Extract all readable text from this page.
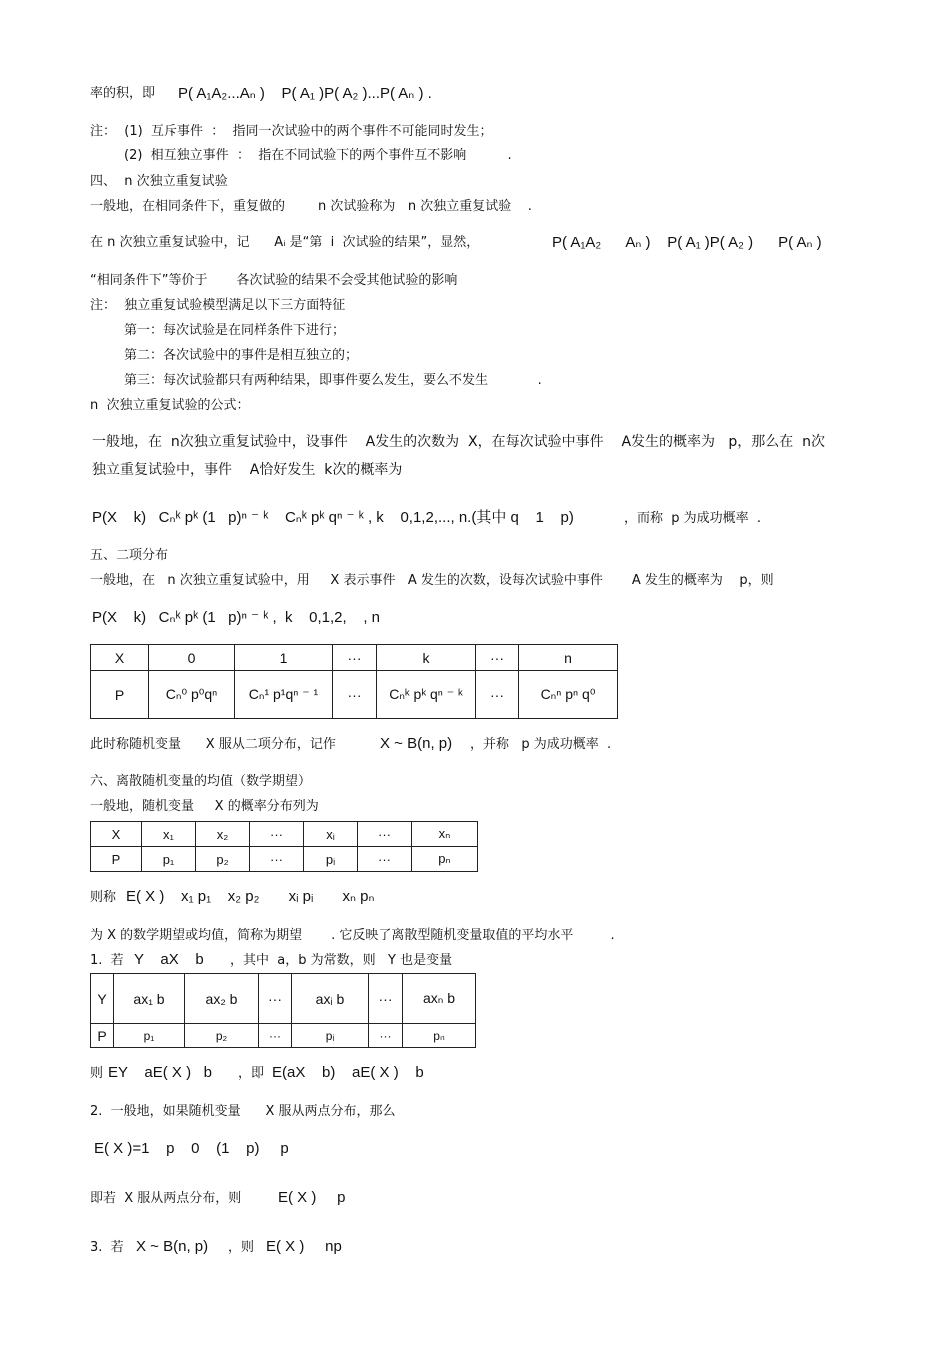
率的积，即 P( A₁A₂...Aₙ )    P( A₁ )P( A₂ )...P( Aₙ ) .
注：  (1)  互斥事件  ：  指同一次试验中的两个事件不可能同时发生；
(2)  相互独立事件  ：  指在不同试验下的两个事件互不影响          .
四、  n 次独立重复试验
一般地，在相同条件下，重复做的        n 次试验称为   n 次独立重复试验    .
在 n 次独立重复试验中，记      Aᵢ 是“第  i  次试验的结果”，显然，	P( A₁A₂      Aₙ )    P( A₁ )P( A₂ )      P( Aₙ )
“相同条件下”等价于       各次试验的结果不会受其他试验的影响
注：  独立重复试验模型满足以下三方面特征
第一：每次试验是在同样条件下进行；
第二：各次试验中的事件是相互独立的；
第三：每次试验都只有两种结果，即事件要么发生，要么不发生            .
n  次独立重复试验的公式：
一般地，在  n次独立重复试验中，设事件    A发生的次数为  X，在每次试验中事件    A发生的概率为   p，那么在  n次
独立重复试验中，事件    A恰好发生  k次的概率为
P(X    k)   Cₙᵏ pᵏ (1   p)ⁿ ⁻ ᵏ    Cₙᵏ pᵏ qⁿ ⁻ ᵏ , k    0,1,2,..., n.(其中 q    1    p)	，而称  p 为成功概率  .
五、二项分布
一般地，在   n 次独立重复试验中，用     X 表示事件   A 发生的次数，设每次试验中事件       A 发生的概率为    p，则
P(X    k)   Cₙᵏ pᵏ (1   p)ⁿ ⁻ ᵏ ,  k    0,1,2,    , n
X	0	1	···	k	···	n
P	Cₙ⁰ p⁰qⁿ	Cₙ¹ p¹qⁿ ⁻ ¹	···	Cₙᵏ pᵏ qⁿ ⁻ ᵏ	···	Cₙⁿ pⁿ q⁰
此时称随机变量      X 服从二项分布，记作	X ~ B(n, p) ，并称   p 为成功概率  .
六、离散随机变量的均值（数学期望）
一般地，随机变量     X 的概率分布列为
X	x₁	x₂	···	xᵢ	···	xₙ
P	p₁	p₂	···	pᵢ	···	pₙ
则称 E( X )    x₁ p₁    x₂ p₂       xᵢ pᵢ       xₙ pₙ
为 X 的数学期望或均值，简称为期望       . 它反映了离散型随机变量取值的平均水平         .
1.  若 Y    aX    b ，其中  a，b 为常数，则   Y 也是变量
Y	ax₁ b	ax₂ b	···	axᵢ b	···	axₙ b
P	p₁	p₂	···	pᵢ	···	pₙ
则 EY    aE( X )   b ，即 E(aX    b)    aE( X )    b
2.  一般地，如果随机变量      X 服从两点分布，那么
E( X )=1    p    0    (1    p)     p
即若  X 服从两点分布，则 E( X )     p
3.  若 X ~ B(n, p) ，则 E( X )     np
